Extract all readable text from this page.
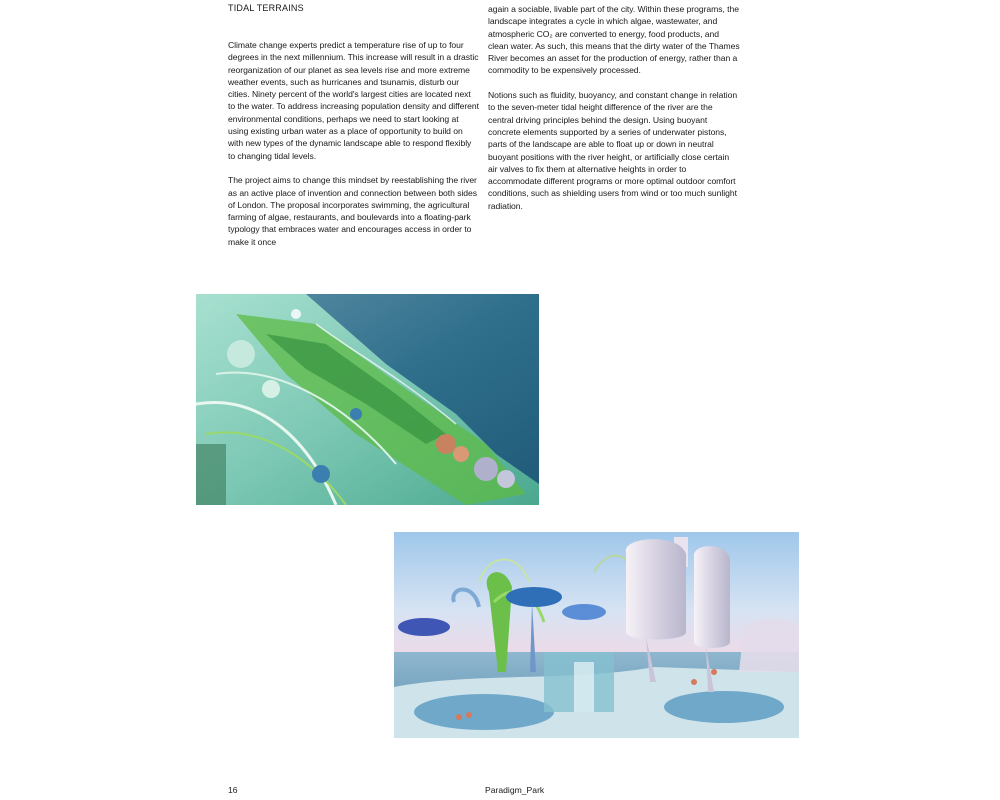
TIDAL TERRAINS

Climate change experts predict a temperature rise of up to four degrees in the next millennium. This increase will result in a drastic reorganization of our planet as sea levels rise and more extreme weather events, such as hurricanes and tsunamis, disturb our cities. Ninety percent of the world's largest cities are located next to the water. To address increasing population density and different environmental conditions, perhaps we need to start looking at using existing urban water as a place of opportunity to build on with new types of the dynamic landscape able to respond flexibly to changing tidal levels.

The project aims to change this mindset by reestablishing the river as an active place of invention and connection between both sides of London. The proposal incorporates swimming, the agricultural farming of algae, restaurants, and boulevards into a floating-park typology that embraces water and encourages access in order to make it once

again a sociable, livable part of the city. Within these programs, the landscape integrates a cycle in which algae, wastewater, and atmospheric CO₂ are converted to energy, food products, and clean water. As such, this means that the dirty water of the Thames River becomes an asset for the production of energy, rather than a commodity to be expensively processed.

Notions such as fluidity, buoyancy, and constant change in relation to the seven-meter tidal height difference of the river are the central driving principles behind the design. Using buoyant concrete elements supported by a series of underwater pistons, parts of the landscape are able to float up or down in neutral buoyant positions with the river height, or artificially close certain air valves to fix them at alternative heights in order to accommodate different programs or more optimal outdoor comfort conditions, such as shielding users from wind or too much sunlight radiation.

16	Paradigm_Park
